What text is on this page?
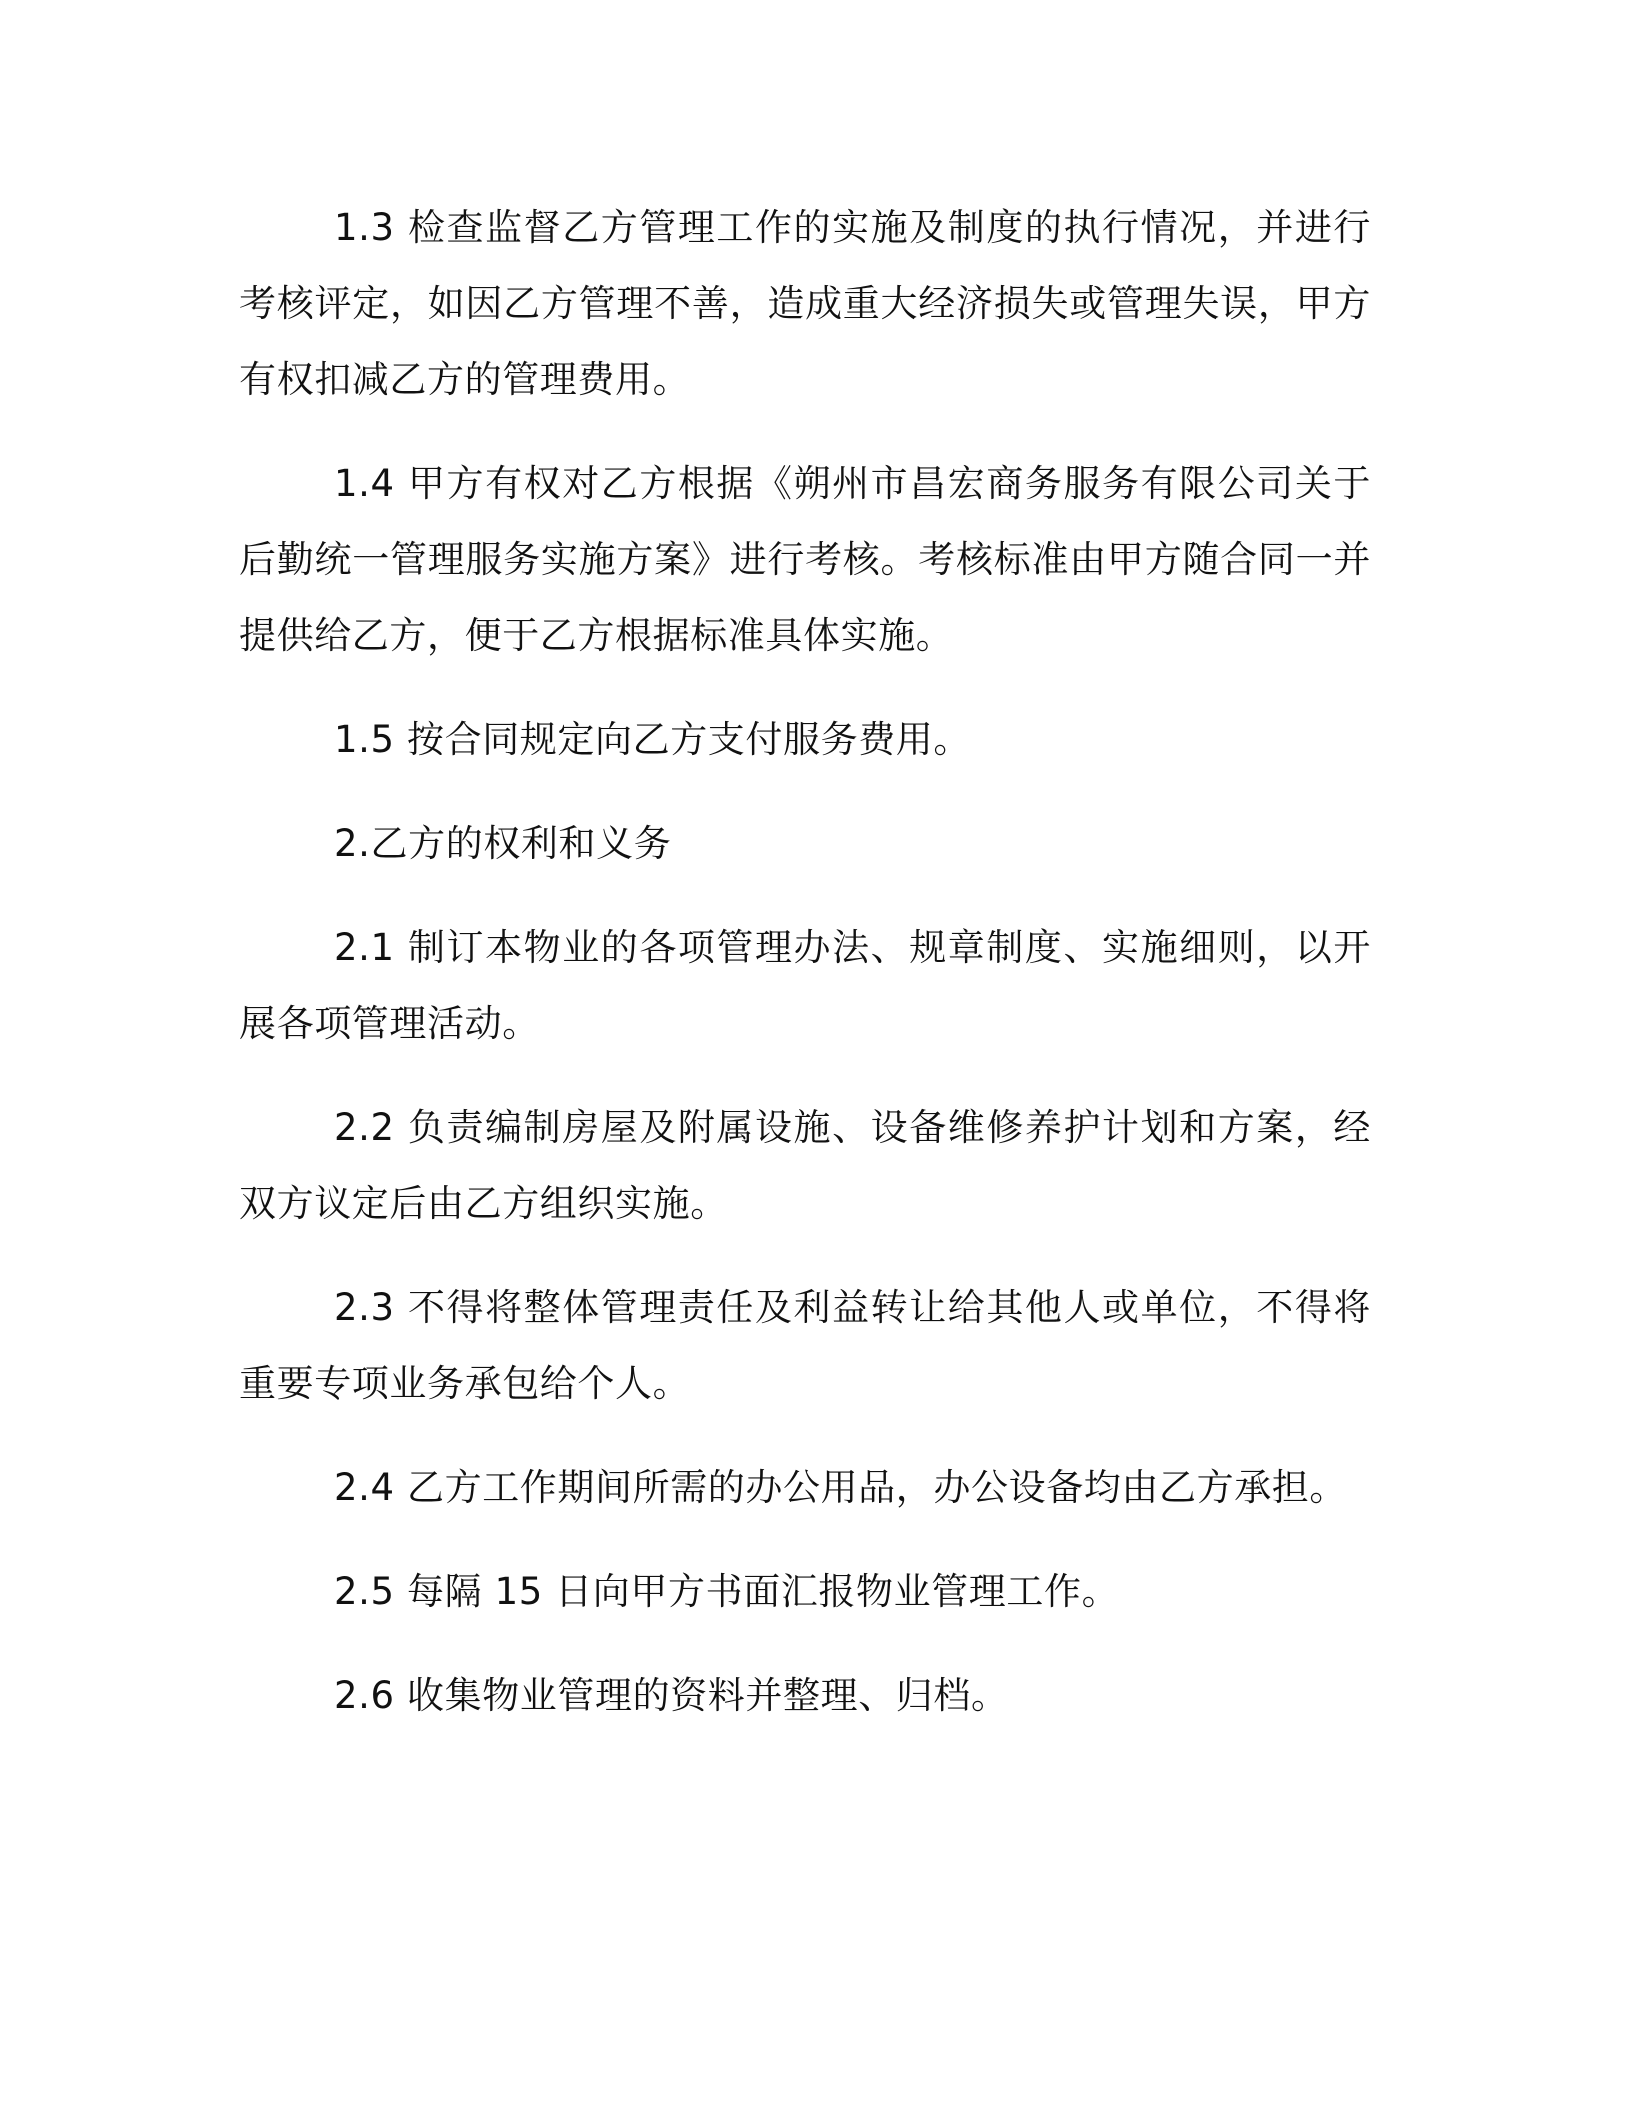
1.3 检查监督乙方管理工作的实施及制度的执行情况，并进行考核评定，如因乙方管理不善，造成重大经济损失或管理失误，甲方有权扣减乙方的管理费用。

1.4 甲方有权对乙方根据《朔州市昌宏商务服务有限公司关于后勤统一管理服务实施方案》进行考核。考核标准由甲方随合同一并提供给乙方，便于乙方根据标准具体实施。

1.5 按合同规定向乙方支付服务费用。

2.乙方的权利和义务

2.1 制订本物业的各项管理办法、规章制度、实施细则，以开展各项管理活动。

2.2 负责编制房屋及附属设施、设备维修养护计划和方案，经双方议定后由乙方组织实施。

2.3 不得将整体管理责任及利益转让给其他人或单位，不得将重要专项业务承包给个人。

2.4 乙方工作期间所需的办公用品，办公设备均由乙方承担。

2.5 每隔 15 日向甲方书面汇报物业管理工作。

2.6 收集物业管理的资料并整理、归档。
